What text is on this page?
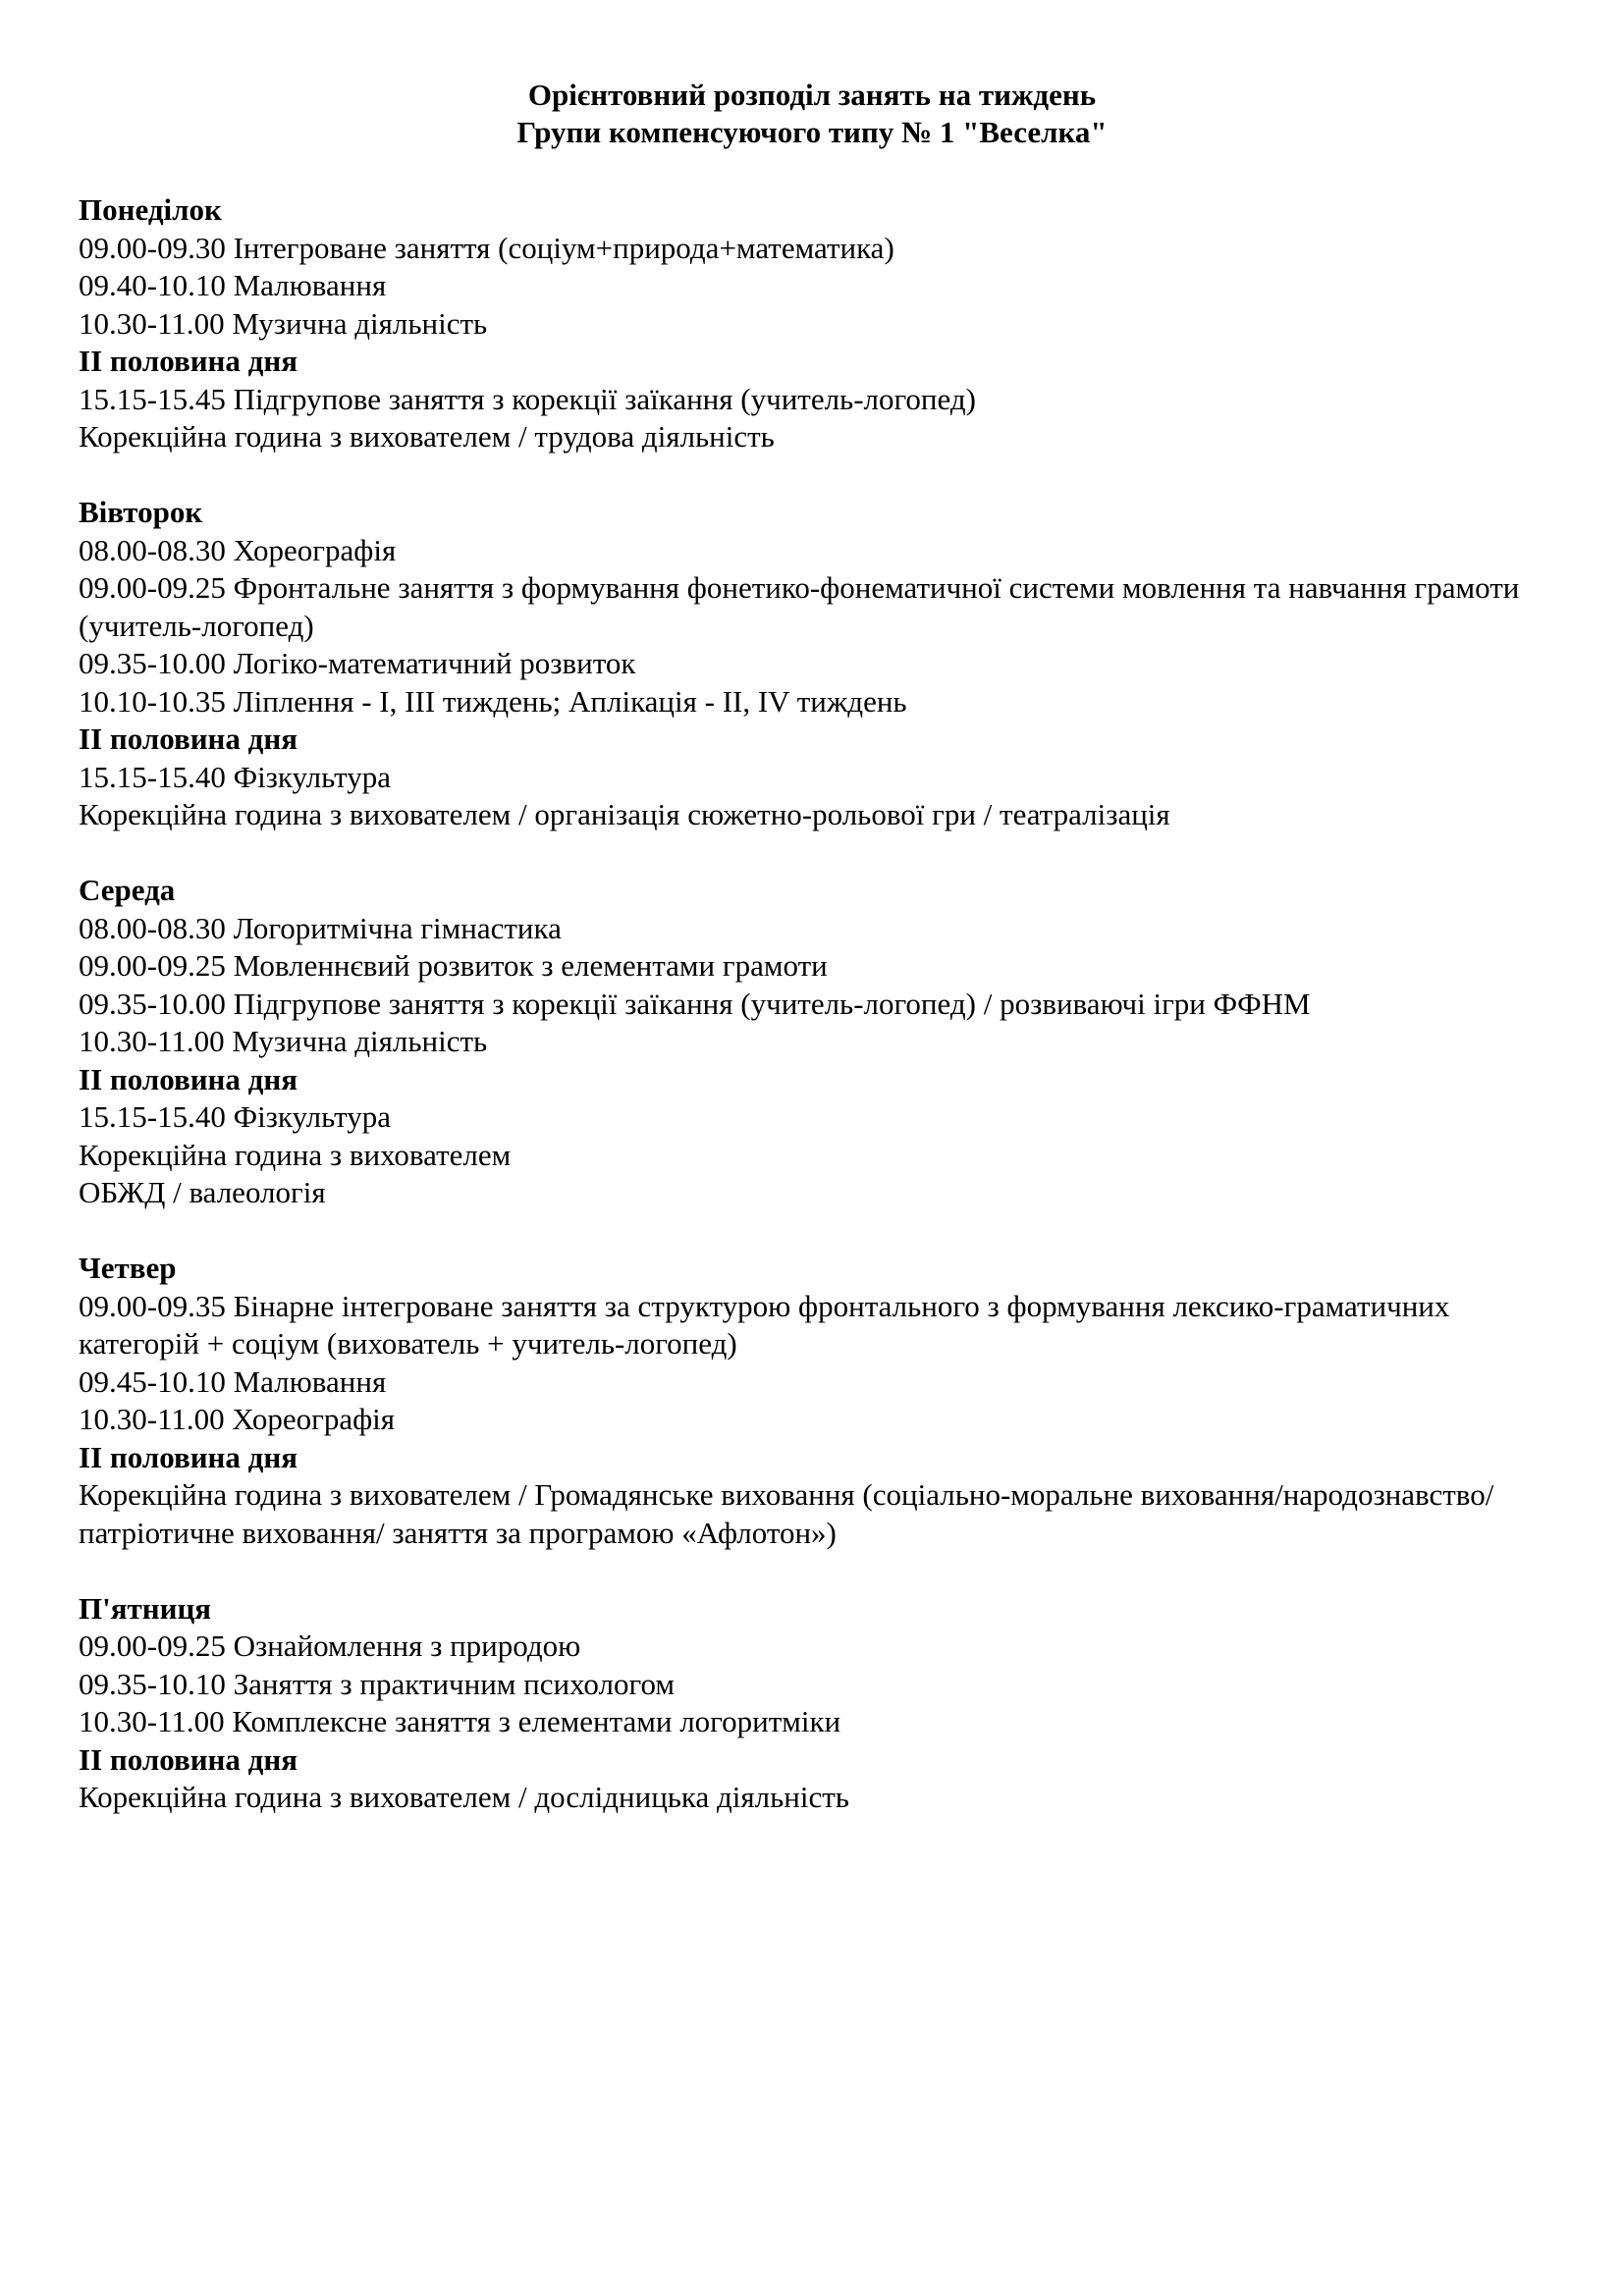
Орієнтовний розподіл занять на тиждень
Групи компенсуючого типу № 1 "Веселка"
Понеділок
09.00-09.30 Інтегроване заняття (соціум+природа+математика)
09.40-10.10 Малювання
10.30-11.00 Музична діяльність
ІІ половина дня
15.15-15.45 Підгрупове заняття з корекції заїкання (учитель-логопед)
Корекційна година з вихователем / трудова діяльність
Вівторок
08.00-08.30 Хореографія
09.00-09.25 Фронтальне заняття з формування фонетико-фонематичної системи мовлення та навчання грамоти (учитель-логопед)
09.35-10.00 Логіко-математичний розвиток
10.10-10.35 Ліплення - І, ІІІ тиждень; Аплікація - ІІ, IV тиждень
ІІ половина дня
15.15-15.40 Фізкультура
Корекційна година з вихователем / організація сюжетно-рольової гри / театралізація
Середа
08.00-08.30 Логоритмічна гімнастика
09.00-09.25 Мовленнєвий розвиток з елементами грамоти
09.35-10.00 Підгрупове заняття з корекції заїкання (учитель-логопед) / розвиваючі ігри ФФНМ
10.30-11.00 Музична діяльність
ІІ половина дня
15.15-15.40 Фізкультура
Корекційна година з вихователем
ОБЖД / валеологія
Четвер
09.00-09.35 Бінарне інтегроване заняття за структурою фронтального з формування лексико-граматичних категорій + соціум (вихователь + учитель-логопед)
09.45-10.10 Малювання
10.30-11.00 Хореографія
ІІ половина дня
Корекційна година з вихователем / Громадянське виховання (соціально-моральне виховання/народознавство/патріотичне виховання/ заняття за програмою «Афлотон»)
П'ятниця
09.00-09.25 Ознайомлення з природою
09.35-10.10 Заняття з практичним психологом
10.30-11.00 Комплексне заняття з елементами логоритміки
ІІ половина дня
Корекційна година з вихователем / дослідницька діяльність
